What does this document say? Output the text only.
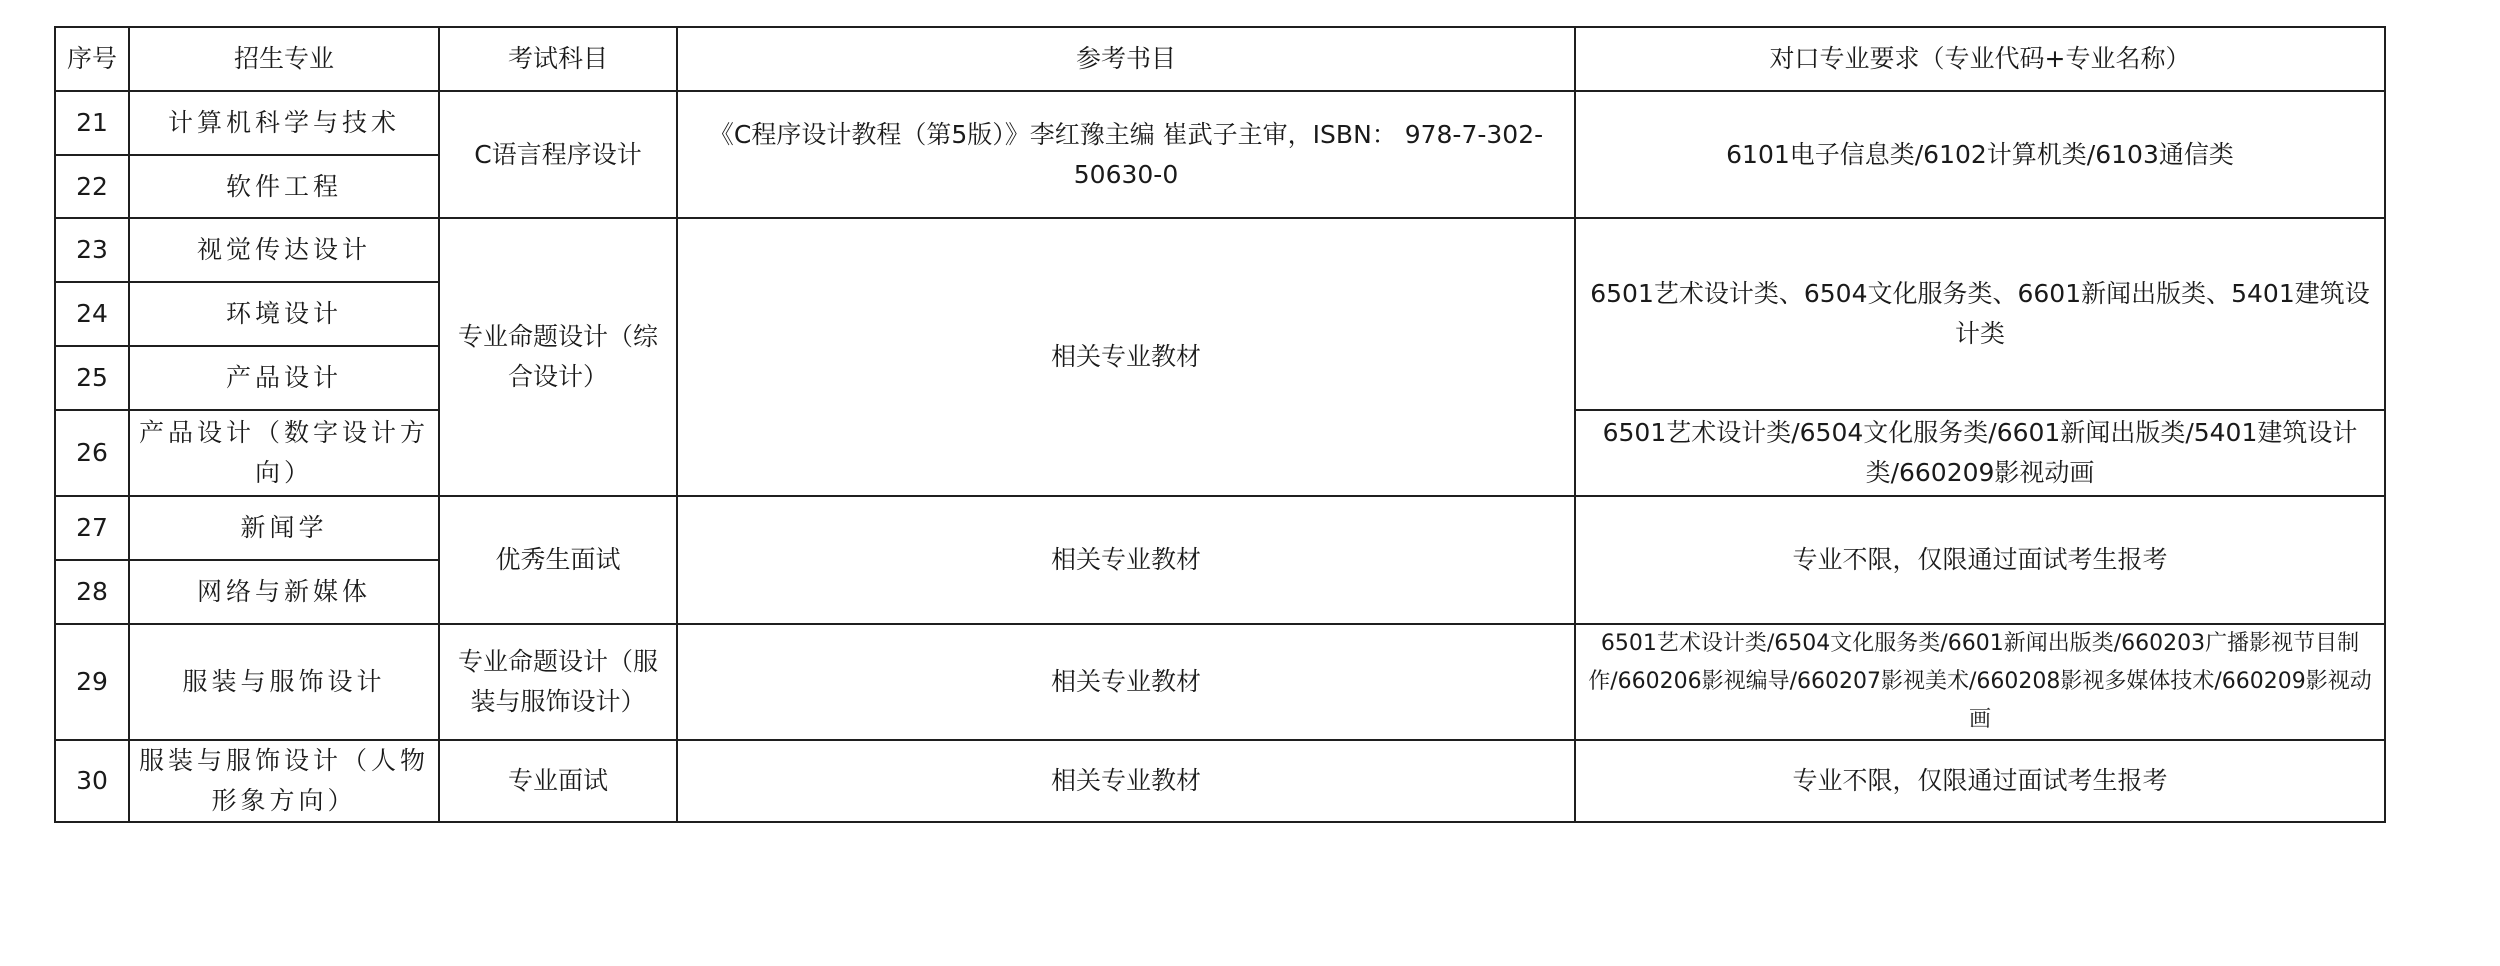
序号	招生专业	考试科目	参考书目	对口专业要求（专业代码+专业名称）
21	计算机科学与技术	C语言程序设计	《C程序设计教程（第5版）》李红豫主编 崔武子主审，ISBN： 978-7-302-50630-0	6101电子信息类/6102计算机类/6103通信类
22	软件工程			
23	视觉传达设计	专业命题设计（综合设计）	相关专业教材	6501艺术设计类、6504文化服务类、6601新闻出版类、5401建筑设计类
24	环境设计			
25	产品设计			
26	产品设计（数字设计方向）			6501艺术设计类/6504文化服务类/6601新闻出版类/5401建筑设计类/660209影视动画
27	新闻学	优秀生面试	相关专业教材	专业不限，仅限通过面试考生报考
28	网络与新媒体			
29	服装与服饰设计	专业命题设计（服装与服饰设计）	相关专业教材	6501艺术设计类/6504文化服务类/6601新闻出版类/660203广播影视节目制作/660206影视编导/660207影视美术/660208影视多媒体技术/660209影视动画
30	服装与服饰设计（人物形象方向）	专业面试	相关专业教材	专业不限，仅限通过面试考生报考
